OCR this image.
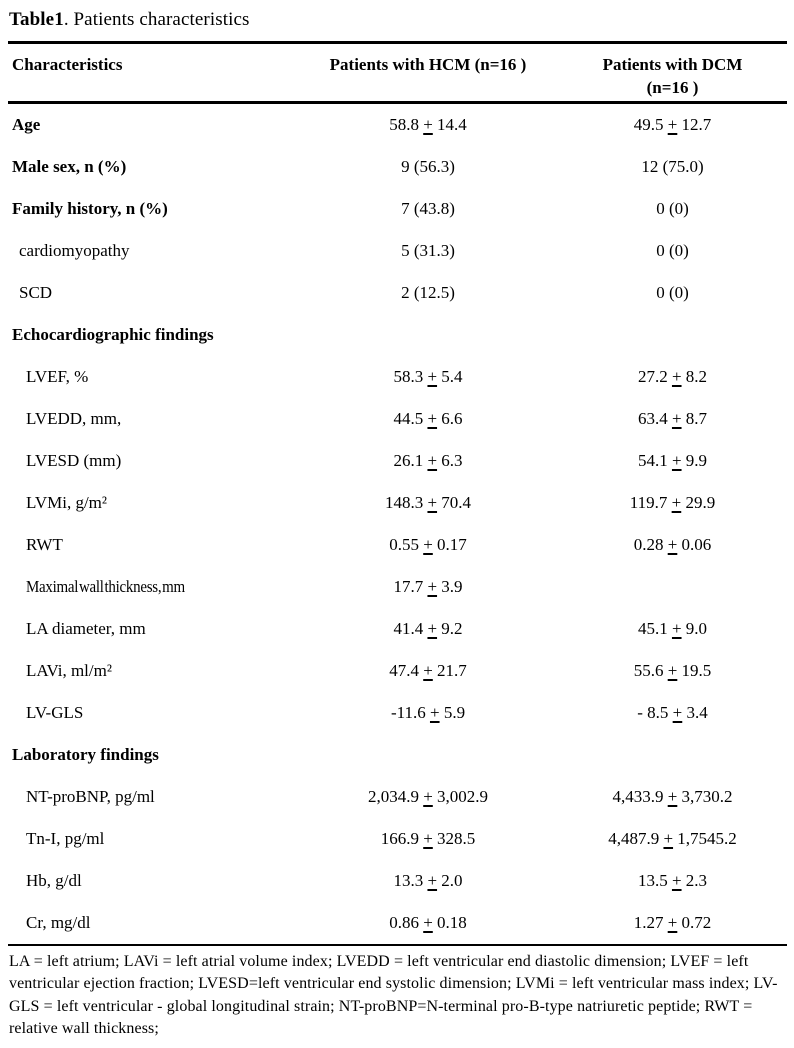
Table1. Patients characteristics
Characteristics	Patients with HCM (n=16 )	Patients with DCM (n=16 )
Age	58.8 + 14.4	49.5 + 12.7
Male sex, n (%)	9 (56.3)	12 (75.0)
Family history, n (%)	7 (43.8)	0 (0)
cardiomyopathy	5 (31.3)	0 (0)
SCD	2 (12.5)	0 (0)
Echocardiographic findings
LVEF, %	58.3 + 5.4	27.2 + 8.2
LVEDD, mm,	44.5 + 6.6	63.4 + 8.7
LVESD (mm)	26.1 + 6.3	54.1 + 9.9
LVMi, g/m²	148.3 + 70.4	119.7 + 29.9
RWT	0.55 + 0.17	0.28 + 0.06
Maximal wall thickness, mm	17.7 + 3.9
LA diameter, mm	41.4 + 9.2	45.1 + 9.0
LAVi, ml/m²	47.4 + 21.7	55.6 + 19.5
LV-GLS	-11.6 + 5.9	- 8.5 + 3.4
Laboratory findings
NT-proBNP, pg/ml	2,034.9 + 3,002.9	4,433.9 + 3,730.2
Tn-I, pg/ml	166.9 + 328.5	4,487.9 + 1,7545.2
Hb, g/dl	13.3 + 2.0	13.5 + 2.3
Cr, mg/dl	0.86 + 0.18	1.27 + 0.72
LA = left atrium; LAVi = left atrial volume index; LVEDD = left ventricular end diastolic dimension; LVEF = left ventricular ejection fraction; LVESD=left ventricular end systolic dimension; LVMi = left ventricular mass index; LV-GLS = left ventricular - global longitudinal strain; NT-proBNP=N-terminal pro-B-type natriuretic peptide; RWT = relative wall thickness;
